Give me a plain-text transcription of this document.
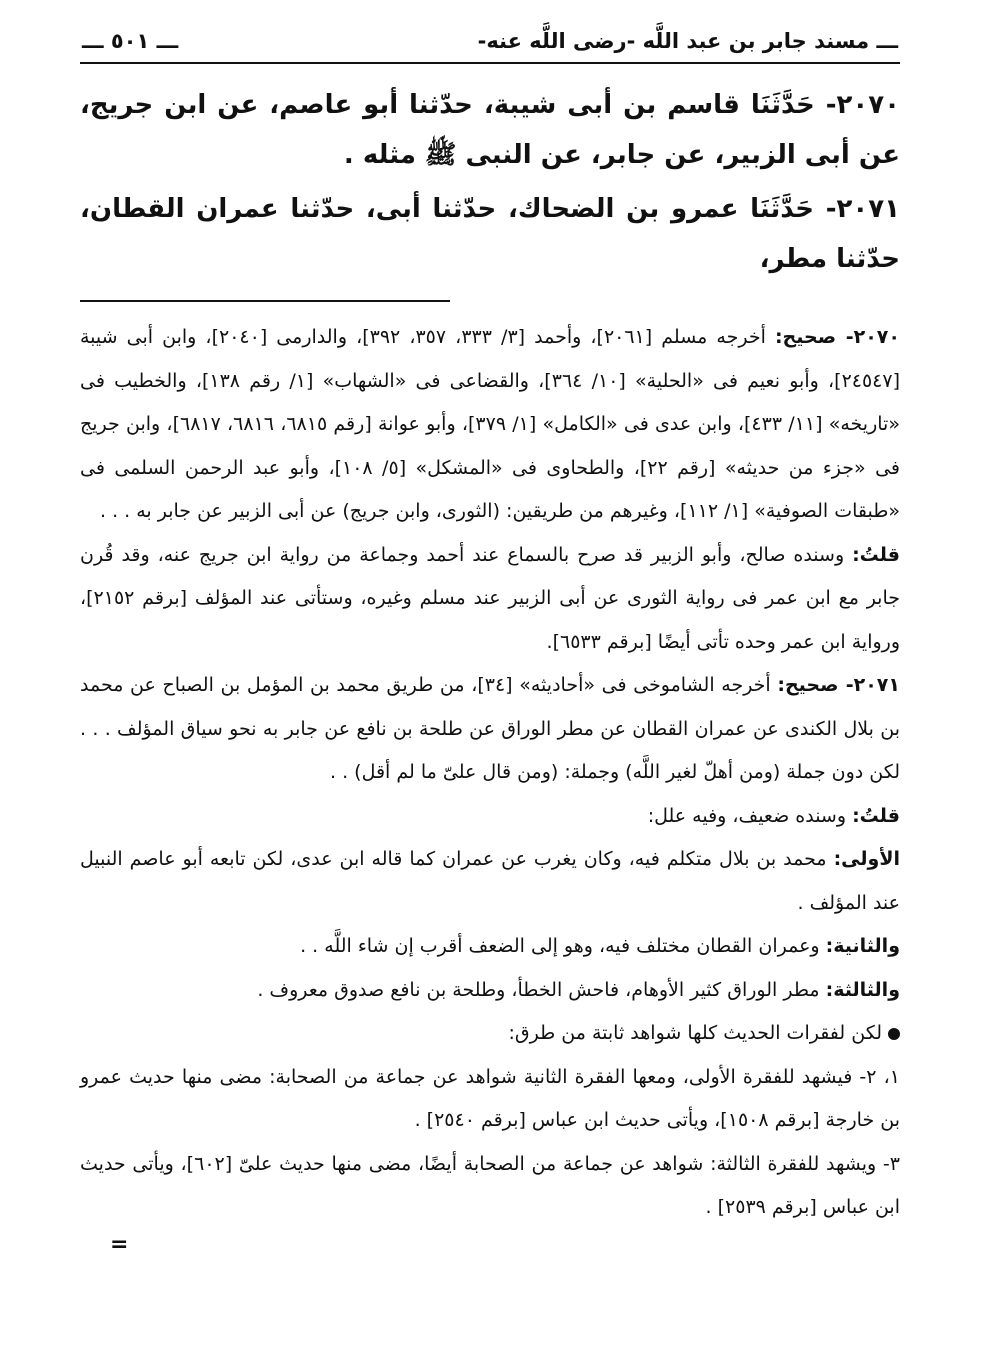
ـــ مسند جابر بن عبد اللَّه -رضى اللَّه عنه-
ـــ ٥٠١ ـــ

٢٠٧٠- حَدَّثَنَا قاسم بن أبى شيبة، حدّثنا أبو عاصم، عن ابن جريج، عن أبى الزبير، عن جابر، عن النبى ﷺ مثله .

٢٠٧١- حَدَّثَنَا عمرو بن الضحاك، حدّثنا أبى، حدّثنا عمران القطان، حدّثنا مطر،

٢٠٧٠- صحيح: أخرجه مسلم [٢٠٦١]، وأحمد [٣/ ٣٣٣، ٣٥٧، ٣٩٢]، والدارمى [٢٠٤٠]، وابن أبى شيبة [٢٤٥٤٧]، وأبو نعيم فى «الحلية» [١٠/ ٣٦٤]، والقضاعى فى «الشهاب» [١/ رقم ١٣٨]، والخطيب فى «تاريخه» [١١/ ٤٣٣]، وابن عدى فى «الكامل» [١/ ٣٧٩]، وأبو عوانة [رقم ٦٨١٥، ٦٨١٦، ٦٨١٧]، وابن جريج فى «جزء من حديثه» [رقم ٢٢]، والطحاوى فى «المشكل» [٥/ ١٠٨]، وأبو عبد الرحمن السلمى فى «طبقات الصوفية» [١/ ١١٢]، وغيرهم من طريقين: (الثورى، وابن جريج) عن أبى الزبير عن جابر به . . .

قلتُ: وسنده صالح، وأبو الزبير قد صرح بالسماع عند أحمد وجماعة من رواية ابن جريج عنه، وقد قُرن جابر مع ابن عمر فى رواية الثورى عن أبى الزبير عند مسلم وغيره، وستأتى عند المؤلف [برقم ٢١٥٢]، ورواية ابن عمر وحده تأتى أيضًا [برقم ٦٥٣٣].

٢٠٧١- صحيح: أخرجه الشاموخى فى «أحاديثه» [٣٤]، من طريق محمد بن المؤمل بن الصباح عن محمد بن بلال الكندى عن عمران القطان عن مطر الوراق عن طلحة بن نافع عن جابر به نحو سياق المؤلف . . . لكن دون جملة (ومن أهلّ لغير اللَّه) وجملة: (ومن قال علىّ ما لم أقل) . .

قلتُ: وسنده ضعيف، وفيه علل:

الأولى: محمد بن بلال متكلم فيه، وكان يغرب عن عمران كما قاله ابن عدى، لكن تابعه أبو عاصم النبيل عند المؤلف .

والثانية: وعمران القطان مختلف فيه، وهو إلى الضعف أقرب إن شاء اللَّه . .

والثالثة: مطر الوراق كثير الأوهام، فاحش الخطأ، وطلحة بن نافع صدوق معروف .

لكن لفقرات الحديث كلها شواهد ثابتة من طرق:

١، ٢- فيشهد للفقرة الأولى، ومعها الفقرة الثانية شواهد عن جماعة من الصحابة: مضى منها حديث عمرو بن خارجة [برقم ١٥٠٨]، ويأتى حديث ابن عباس [برقم ٢٥٤٠] .

٣- ويشهد للفقرة الثالثة: شواهد عن جماعة من الصحابة أيضًا، مضى منها حديث علىّ [٦٠٢]، ويأتى حديث ابن عباس [برقم ٢٥٣٩] .

=
